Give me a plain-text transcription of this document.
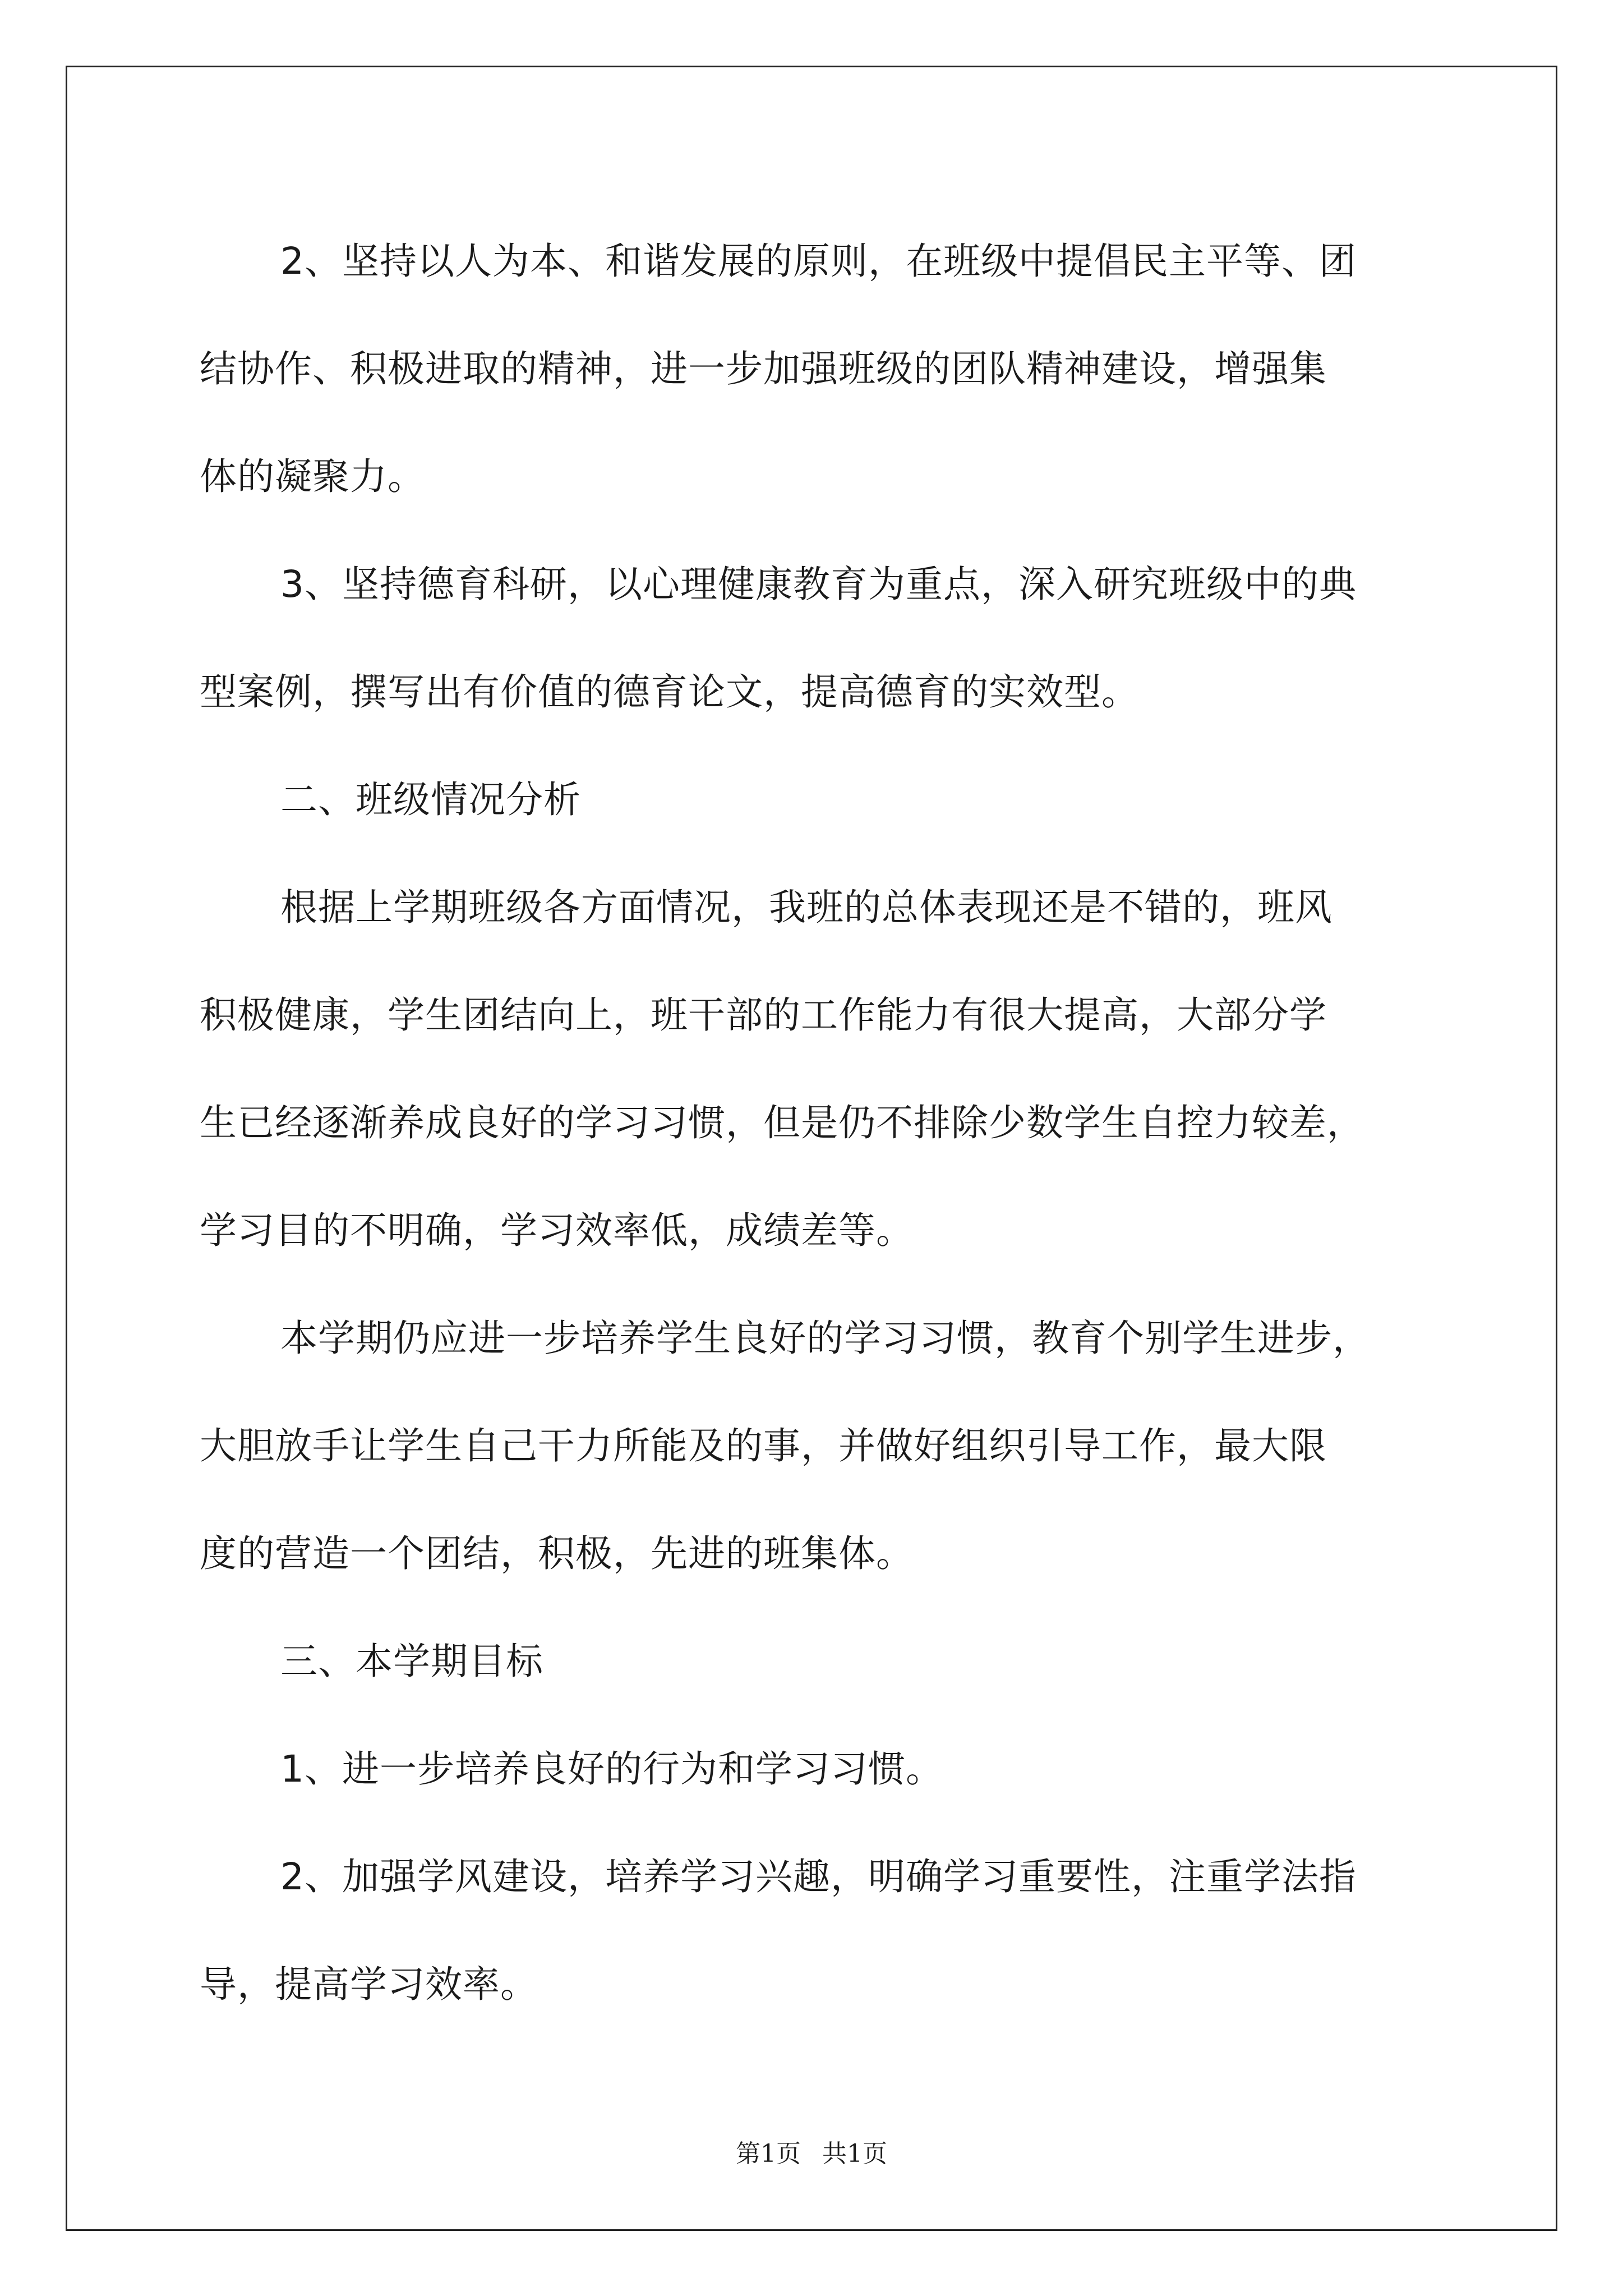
2、坚持以人为本、和谐发展的原则，在班级中提倡民主平等、团
结协作、积极进取的精神，进一步加强班级的团队精神建设，增强集
体的凝聚力。
3、坚持德育科研，以心理健康教育为重点，深入研究班级中的典
型案例，撰写出有价值的德育论文，提高德育的实效型。
二、班级情况分析
根据上学期班级各方面情况，我班的总体表现还是不错的，班风
积极健康，学生团结向上，班干部的工作能力有很大提高，大部分学
生已经逐渐养成良好的学习习惯，但是仍不排除少数学生自控力较差，
学习目的不明确，学习效率低，成绩差等。
本学期仍应进一步培养学生良好的学习习惯，教育个别学生进步，
大胆放手让学生自己干力所能及的事，并做好组织引导工作，最大限
度的营造一个团结，积极，先进的班集体。
三、本学期目标
1、进一步培养良好的行为和学习习惯。
2、加强学风建设，培养学习兴趣，明确学习重要性，注重学法指
导，提高学习效率。
第1页 共1页
